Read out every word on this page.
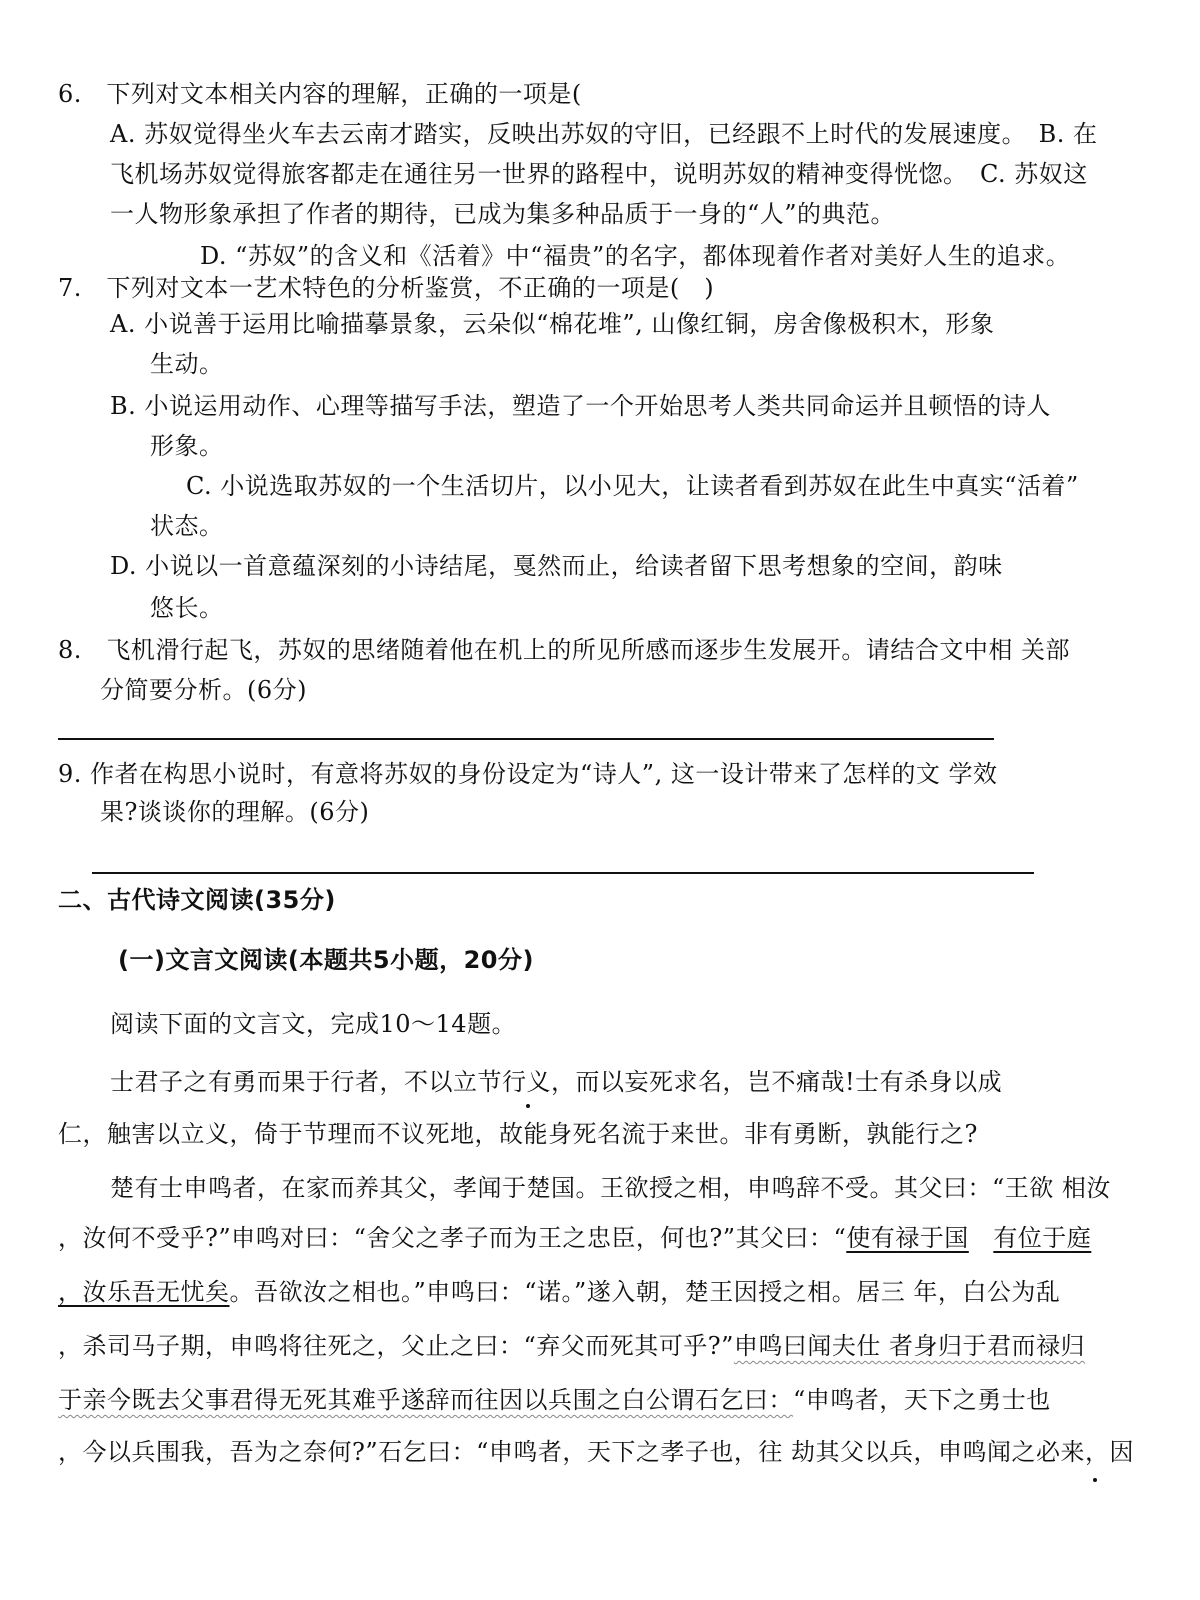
6.　下列对文本相关内容的理解，正确的一项是(
A. 苏奴觉得坐火车去云南才踏实，反映出苏奴的守旧，已经跟不上时代的发展速度。　B. 在
飞机场苏奴觉得旅客都走在通往另一世界的路程中，说明苏奴的精神变得恍惚。　C. 苏奴这
一人物形象承担了作者的期待，已成为集多种品质于一身的“人”的典范。
D. “苏奴”的含义和《活着》中“福贵”的名字，都体现着作者对美好人生的追求。
7.　下列对文本一艺术特色的分析鉴赏，不正确的一项是(　)
A. 小说善于运用比喻描摹景象，云朵似“棉花堆”, 山像红铜，房舍像极积木，形象
生动。
B. 小说运用动作、心理等描写手法，塑造了一个开始思考人类共同命运并且顿悟的诗人
形象。
C. 小说选取苏奴的一个生活切片，以小见大，让读者看到苏奴在此生中真实“活着”
状态。
D. 小说以一首意蕴深刻的小诗结尾，戛然而止，给读者留下思考想象的空间，韵味
悠长。
8.　飞机滑行起飞，苏奴的思绪随着他在机上的所见所感而逐步生发展开。请结合文中相 关部
分简要分析。(6分)
9. 作者在构思小说时，有意将苏奴的身份设定为“诗人”, 这一设计带来了怎样的文 学效
果?谈谈你的理解。(6分)
二、古代诗文阅读(35分)
(一)文言文阅读(本题共5小题，20分)
阅读下面的文言文，完成10～14题。
士君子之有勇而果于行者，不以立节行义，而以妄死求名，岂不痛哉!士有杀身以成
仁，触害以立义，倚于节理而不议死地，故能身死名流于来世。非有勇断，孰能行之?
楚有士申鸣者，在家而养其父，孝闻于楚国。王欲授之相，申鸣辞不受。其父曰：“王欲 相汝
，汝何不受乎?”申鸣对曰：“舍父之孝子而为王之忠臣，何也?”其父曰：“使有禄于国　 有位于庭
，汝乐吾无忧矣。吾欲汝之相也。”申鸣曰：“诺。”遂入朝，楚王因授之相。居三 年，白公为乱
，杀司马子期，申鸣将往死之，父止之曰：“弃父而死其可乎?”申鸣曰闻夫仕 者身归于君而禄归
于亲今既去父事君得无死其难乎遂辞而往因以兵围之白公谓石乞曰：“申鸣者，天下之勇士也
，今以兵围我，吾为之奈何?”石乞曰：“申鸣者，天下之孝子也，往 劫其父以兵，申鸣闻之必来，因
